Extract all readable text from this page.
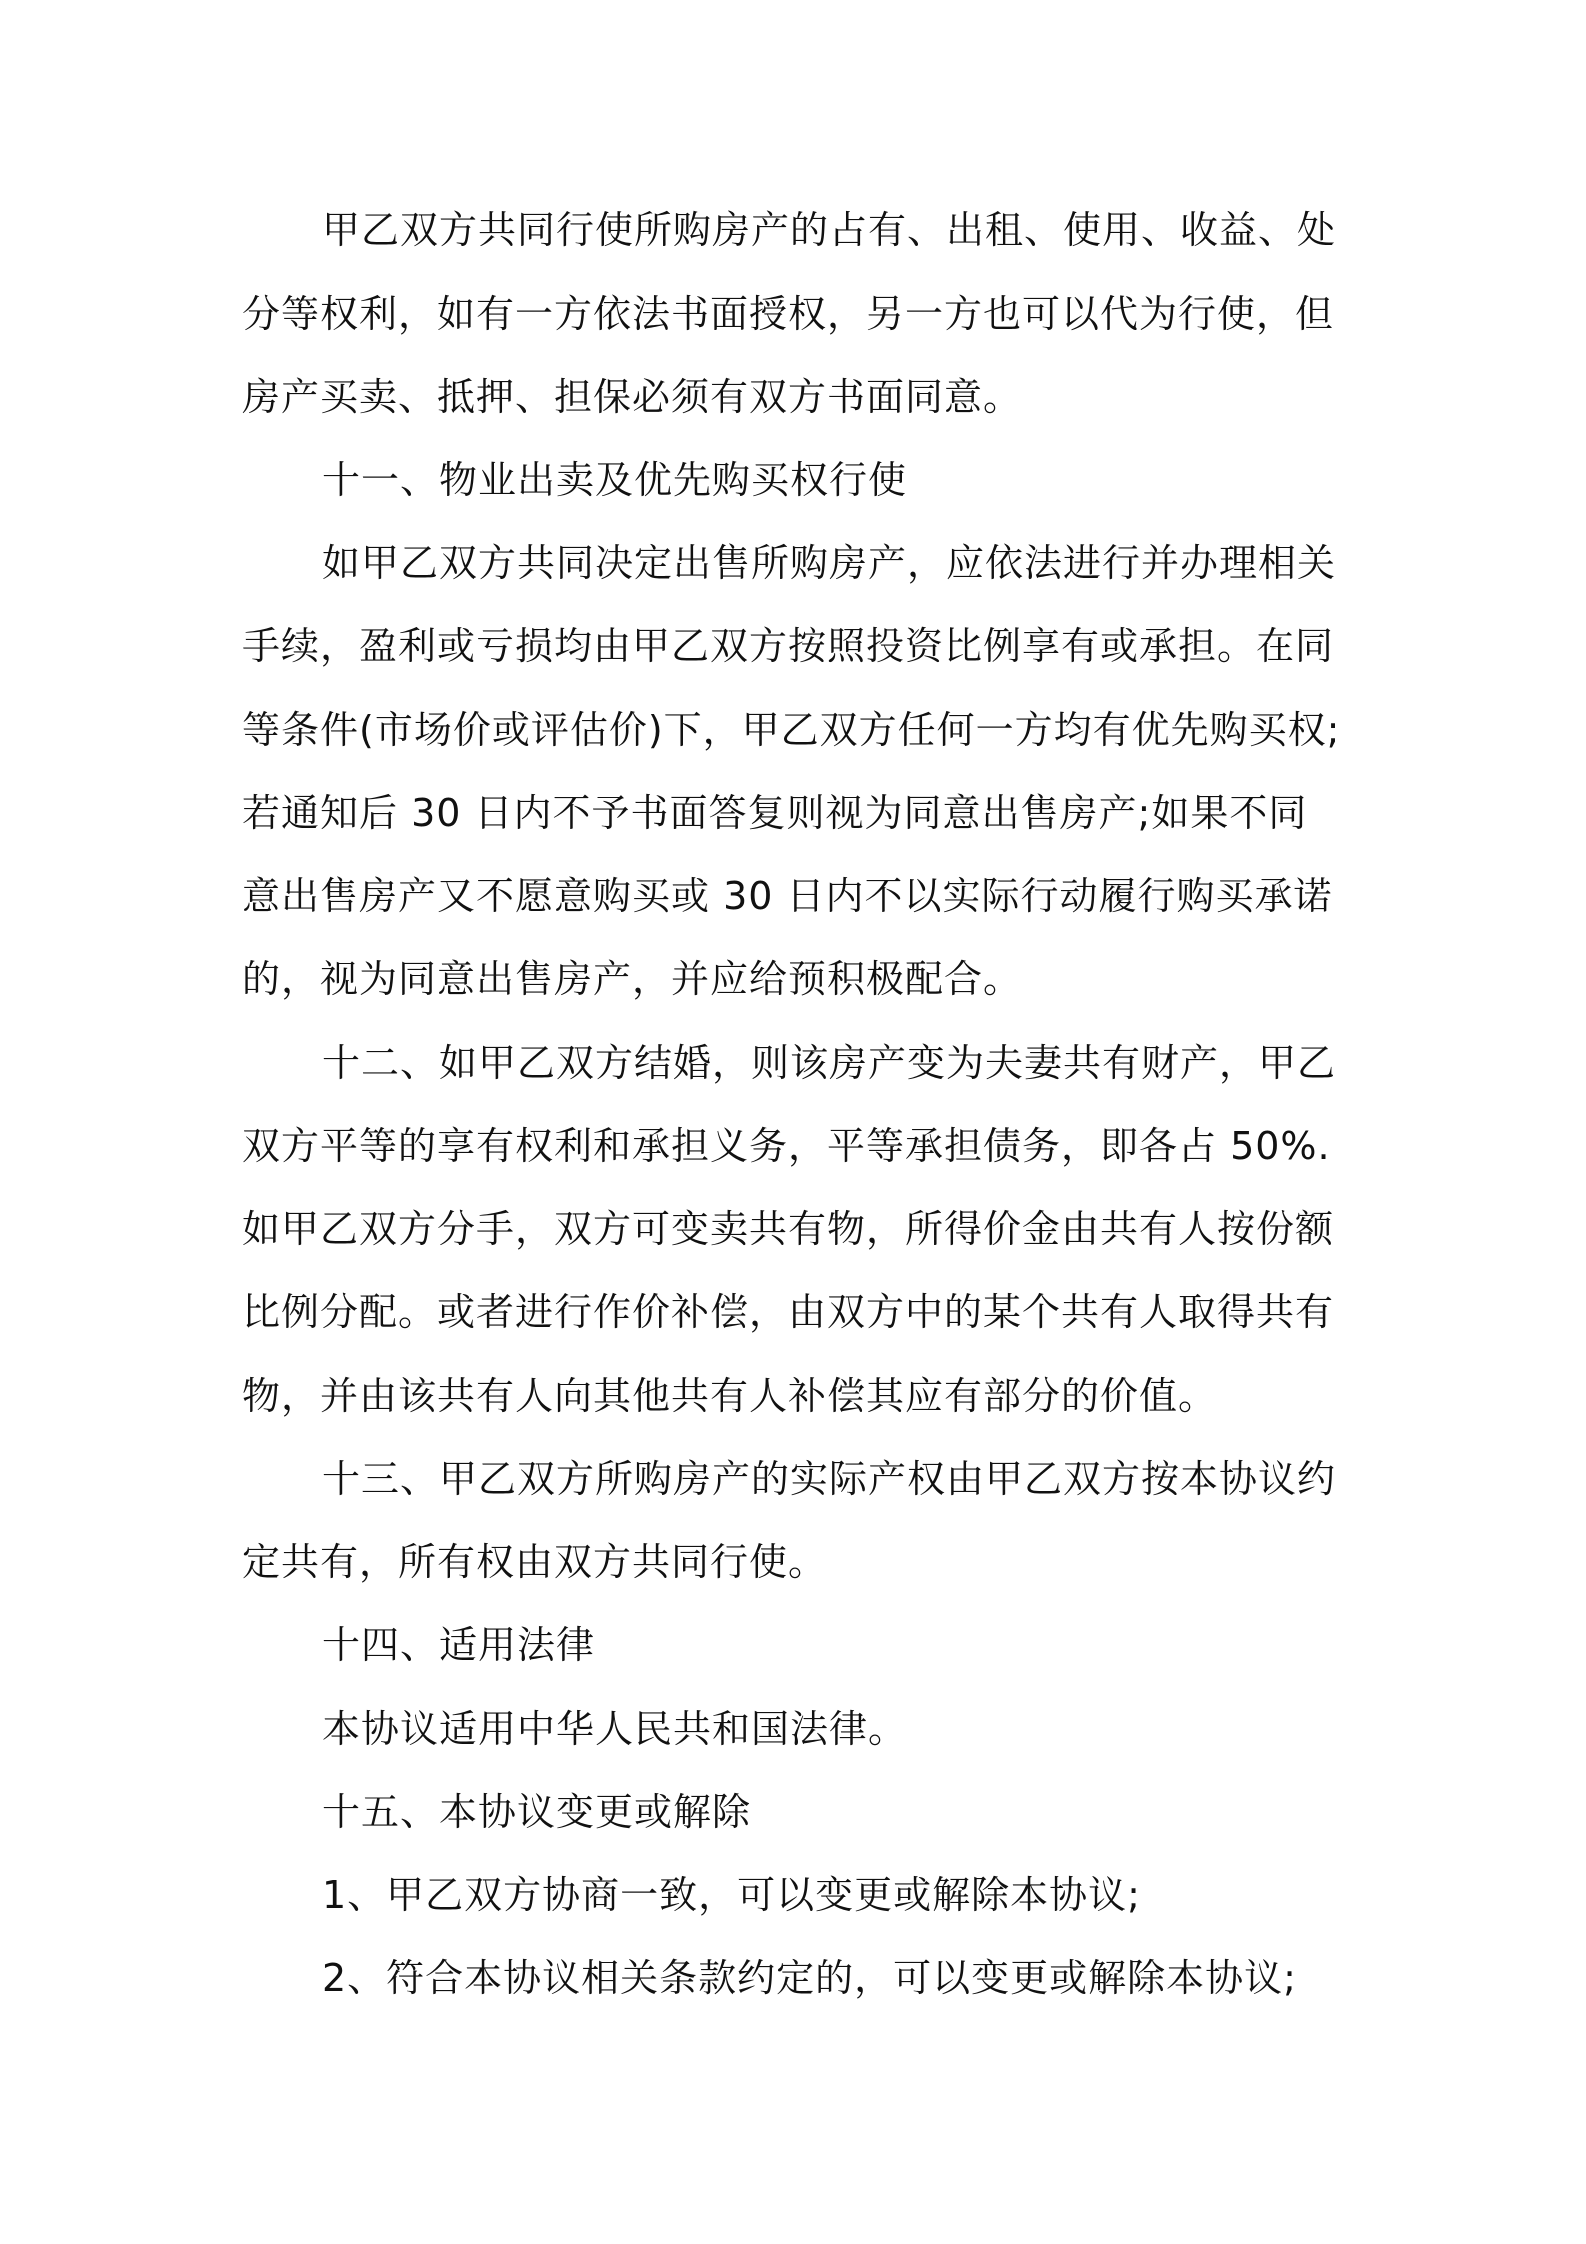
甲乙双方共同行使所购房产的占有、出租、使用、收益、处
分等权利，如有一方依法书面授权，另一方也可以代为行使，但
房产买卖、抵押、担保必须有双方书面同意。
十一、物业出卖及优先购买权行使
如甲乙双方共同决定出售所购房产，应依法进行并办理相关
手续，盈利或亏损均由甲乙双方按照投资比例享有或承担。在同
等条件(市场价或评估价)下，甲乙双方任何一方均有优先购买权;
若通知后 30 日内不予书面答复则视为同意出售房产;如果不同
意出售房产又不愿意购买或 30 日内不以实际行动履行购买承诺
的，视为同意出售房产，并应给预积极配合。
十二、如甲乙双方结婚，则该房产变为夫妻共有财产，甲乙
双方平等的享有权利和承担义务，平等承担债务，即各占 50%.
如甲乙双方分手，双方可变卖共有物，所得价金由共有人按份额
比例分配。或者进行作价补偿，由双方中的某个共有人取得共有
物，并由该共有人向其他共有人补偿其应有部分的价值。
十三、甲乙双方所购房产的实际产权由甲乙双方按本协议约
定共有，所有权由双方共同行使。
十四、适用法律
本协议适用中华人民共和国法律。
十五、本协议变更或解除
1、甲乙双方协商一致，可以变更或解除本协议;
2、符合本协议相关条款约定的，可以变更或解除本协议;
